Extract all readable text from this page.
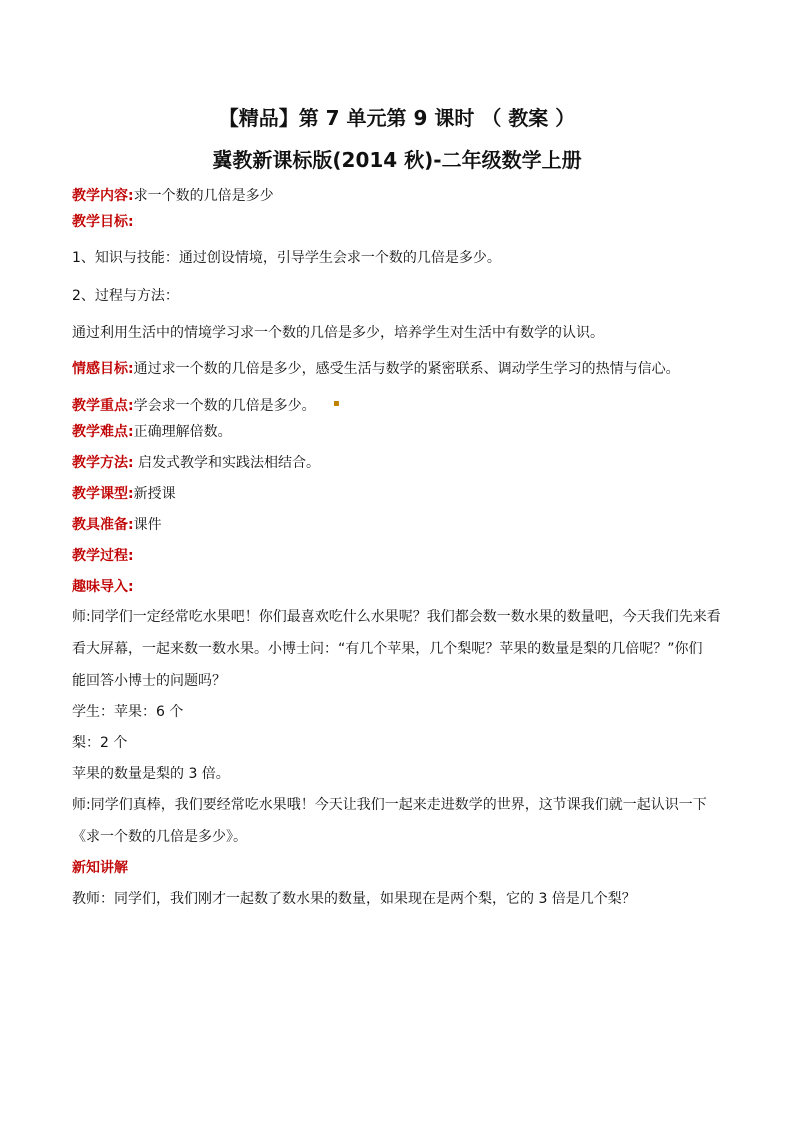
【精品】第 7 单元第 9 课时 （ 教案 ）
冀教新课标版(2014 秋)-二年级数学上册
教学内容:求一个数的几倍是多少
教学目标:
1、知识与技能：通过创设情境，引导学生会求一个数的几倍是多少。
2、过程与方法：
通过利用生活中的情境学习求一个数的几倍是多少，培养学生对生活中有数学的认识。
情感目标:通过求一个数的几倍是多少，感受生活与数学的紧密联系、调动学生学习的热情与信心。
教学重点:学会求一个数的几倍是多少。 ▪
教学难点:正确理解倍数。
教学方法: 启发式教学和实践法相结合。
教学课型:新授课
教具准备:课件
教学过程:
趣味导入:
师:同学们一定经常吃水果吧！你们最喜欢吃什么水果呢？我们都会数一数水果的数量吧，今天我们先来看
看大屏幕，一起来数一数水果。小博士问：“有几个苹果，几个梨呢？苹果的数量是梨的几倍呢？”你们
能回答小博士的问题吗？
学生：苹果：6 个
梨：2 个
苹果的数量是梨的 3 倍。
师:同学们真棒，我们要经常吃水果哦！今天让我们一起来走进数学的世界，这节课我们就一起认识一下
《求一个数的几倍是多少》。
新知讲解
教师：同学们，我们刚才一起数了数水果的数量，如果现在是两个梨，它的 3 倍是几个梨？
